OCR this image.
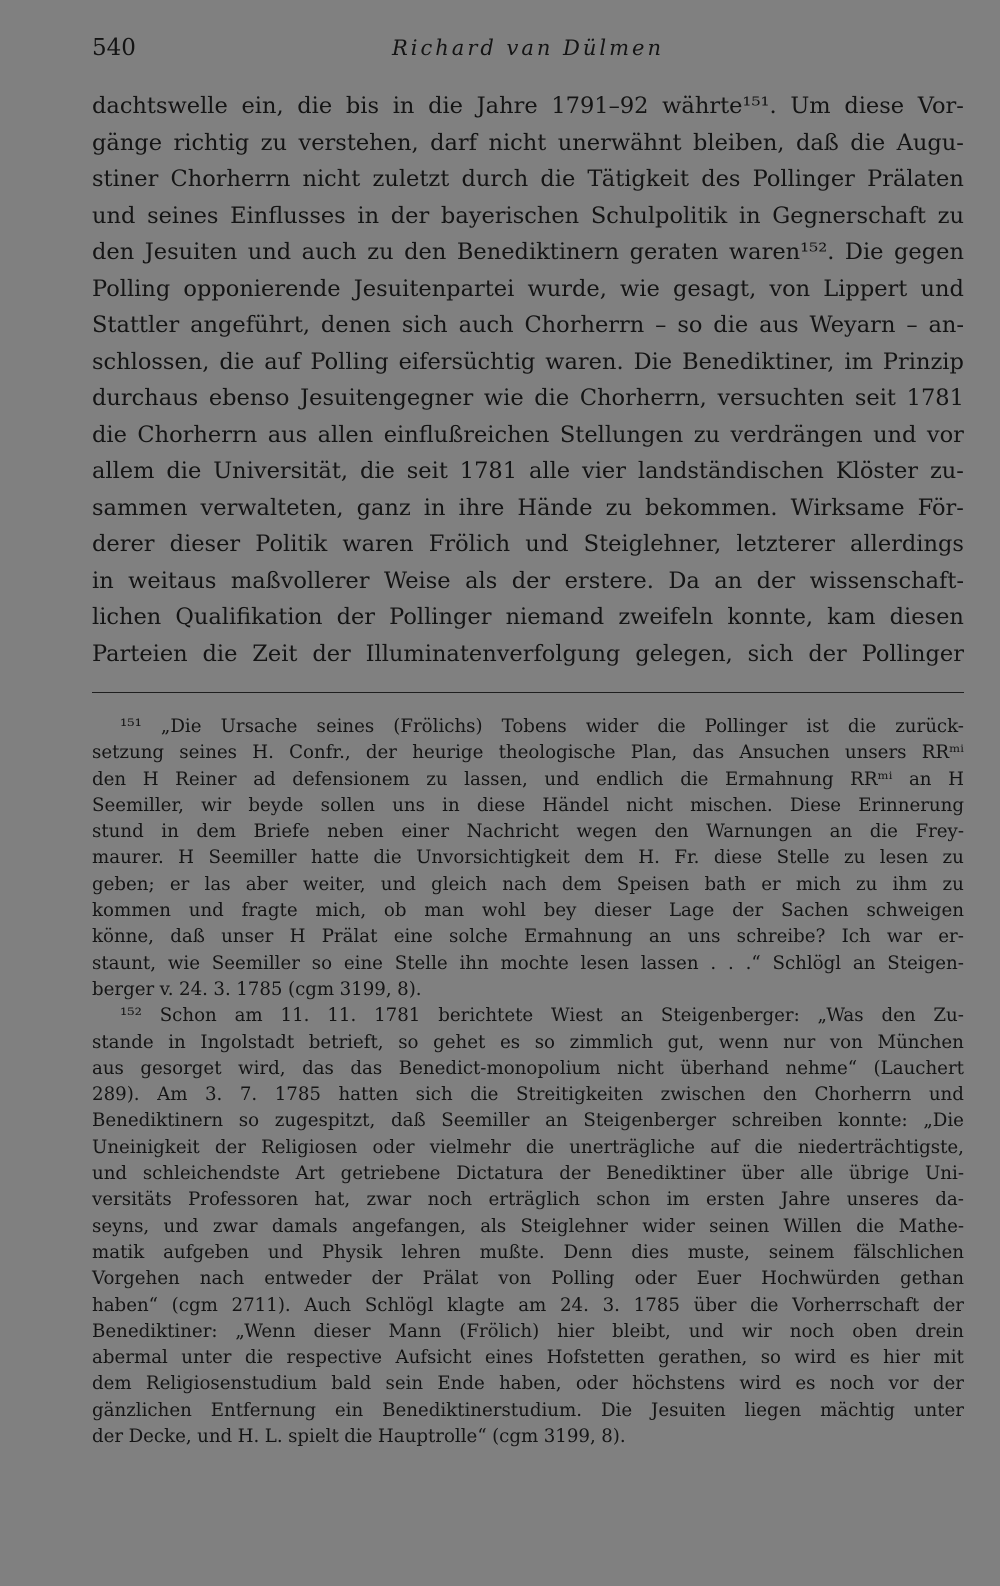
540	Richard van Dülmen
dachtswelle ein, die bis in die Jahre 1791–92 währte¹⁵¹. Um diese Vor-
gänge richtig zu verstehen, darf nicht unerwähnt bleiben, daß die Augu-
stiner Chorherrn nicht zuletzt durch die Tätigkeit des Pollinger Prälaten
und seines Einflusses in der bayerischen Schulpolitik in Gegnerschaft zu
den Jesuiten und auch zu den Benediktinern geraten waren¹⁵². Die gegen
Polling opponierende Jesuitenpartei wurde, wie gesagt, von Lippert und
Stattler angeführt, denen sich auch Chorherrn – so die aus Weyarn – an-
schlossen, die auf Polling eifersüchtig waren. Die Benediktiner, im Prinzip
durchaus ebenso Jesuitengegner wie die Chorherrn, versuchten seit 1781
die Chorherrn aus allen einflußreichen Stellungen zu verdrängen und vor
allem die Universität, die seit 1781 alle vier landständischen Klöster zu-
sammen verwalteten, ganz in ihre Hände zu bekommen. Wirksame För-
derer dieser Politik waren Frölich und Steiglehner, letzterer allerdings
in weitaus maßvollerer Weise als der erstere. Da an der wissenschaft-
lichen Qualifikation der Pollinger niemand zweifeln konnte, kam diesen
Parteien die Zeit der Illuminatenverfolgung gelegen, sich der Pollinger
¹⁵¹ „Die Ursache seines (Frölichs) Tobens wider die Pollinger ist die zurück-
setzung seines H. Confr., der heurige theologische Plan, das Ansuchen unsers RRᵐⁱ
den H Reiner ad defensionem zu lassen, und endlich die Ermahnung RRᵐⁱ an H
Seemiller, wir beyde sollen uns in diese Händel nicht mischen. Diese Erinnerung
stund in dem Briefe neben einer Nachricht wegen den Warnungen an die Frey-
maurer. H Seemiller hatte die Unvorsichtigkeit dem H. Fr. diese Stelle zu lesen zu
geben; er las aber weiter, und gleich nach dem Speisen bath er mich zu ihm zu
kommen und fragte mich, ob man wohl bey dieser Lage der Sachen schweigen
könne, daß unser H Prälat eine solche Ermahnung an uns schreibe? Ich war er-
staunt, wie Seemiller so eine Stelle ihn mochte lesen lassen . . .“ Schlögl an Steigen-
berger v. 24. 3. 1785 (cgm 3199, 8).
¹⁵² Schon am 11. 11. 1781 berichtete Wiest an Steigenberger: „Was den Zu-
stande in Ingolstadt betrieft, so gehet es so zimmlich gut, wenn nur von München
aus gesorget wird, das das Benedict-monopolium nicht überhand nehme“ (Lauchert
289). Am 3. 7. 1785 hatten sich die Streitigkeiten zwischen den Chorherrn und
Benediktinern so zugespitzt, daß Seemiller an Steigenberger schreiben konnte: „Die
Uneinigkeit der Religiosen oder vielmehr die unerträgliche auf die niederträchtigste,
und schleichendste Art getriebene Dictatura der Benediktiner über alle übrige Uni-
versitäts Professoren hat, zwar noch erträglich schon im ersten Jahre unseres da-
seyns, und zwar damals angefangen, als Steiglehner wider seinen Willen die Mathe-
matik aufgeben und Physik lehren mußte. Denn dies muste, seinem fälschlichen
Vorgehen nach entweder der Prälat von Polling oder Euer Hochwürden gethan
haben“ (cgm 2711). Auch Schlögl klagte am 24. 3. 1785 über die Vorherrschaft der
Benediktiner: „Wenn dieser Mann (Frölich) hier bleibt, und wir noch oben drein
abermal unter die respective Aufsicht eines Hofstetten gerathen, so wird es hier mit
dem Religiosenstudium bald sein Ende haben, oder höchstens wird es noch vor der
gänzlichen Entfernung ein Benediktinerstudium. Die Jesuiten liegen mächtig unter
der Decke, und H. L. spielt die Hauptrolle“ (cgm 3199, 8).
